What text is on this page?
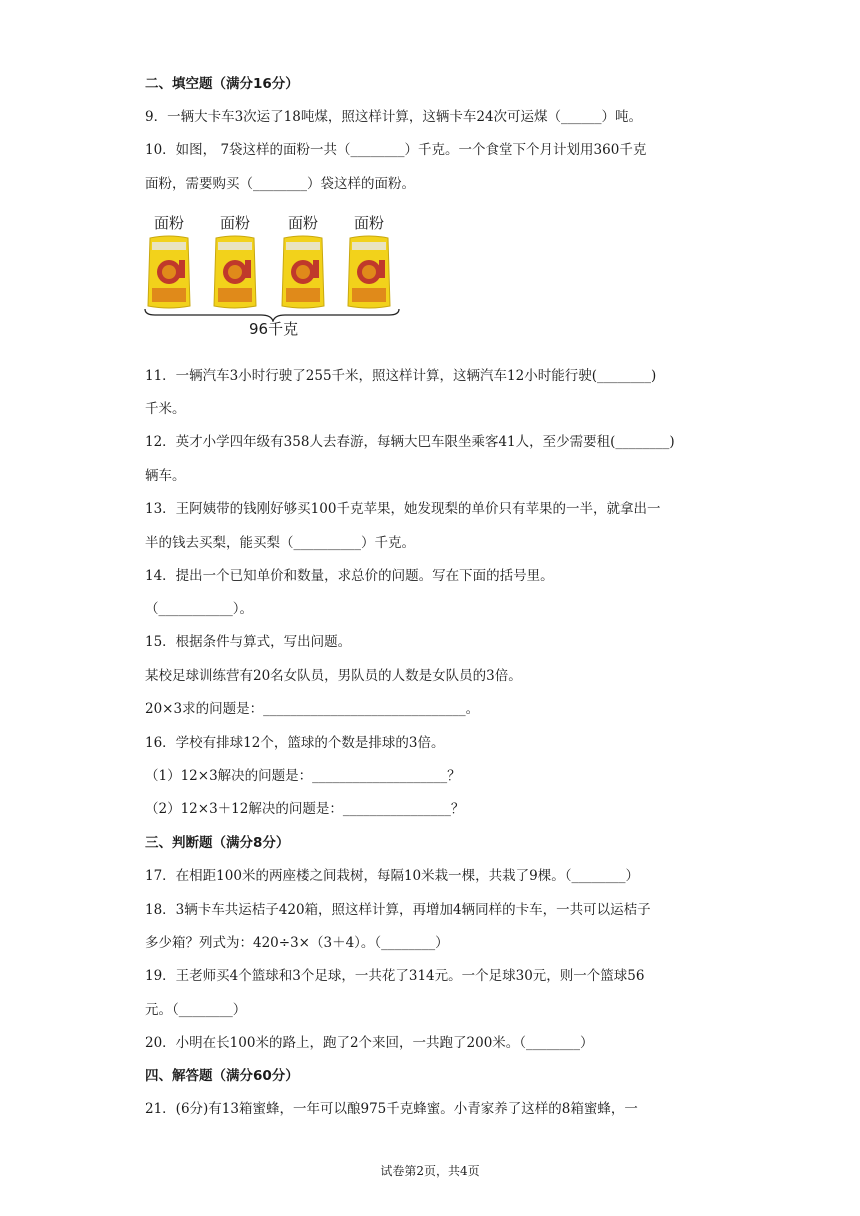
二、填空题（满分16分）
9．一辆大卡车3次运了18吨煤，照这样计算，这辆卡车24次可运煤（______）吨。
10．如图， 7袋这样的面粉一共（________）千克。一个食堂下个月计划用360千克
面粉，需要购买（________）袋这样的面粉。
面粉	面粉	面粉	面粉
96千克
11．一辆汽车3小时行驶了255千米，照这样计算，这辆汽车12小时能行驶(________)
千米。
12．英才小学四年级有358人去春游，每辆大巴车限坐乘客41人，至少需要租(________)
辆车。
13．王阿姨带的钱刚好够买100千克苹果，她发现梨的单价只有苹果的一半，就拿出一
半的钱去买梨，能买梨（__________）千克。
14．提出一个已知单价和数量，求总价的问题。写在下面的括号里。
（___________）。
15．根据条件与算式，写出问题。
某校足球训练营有20名女队员，男队员的人数是女队员的3倍。
20×3求的问题是：______________________________。
16．学校有排球12个，篮球的个数是排球的3倍。
（1）12×3解决的问题是：____________________？
（2）12×3＋12解决的问题是：________________？
三、判断题（满分8分）
17．在相距100米的两座楼之间栽树，每隔10米栽一棵，共栽了9棵。（________）
18．3辆卡车共运桔子420箱，照这样计算，再增加4辆同样的卡车，一共可以运桔子
多少箱？列式为：420÷3×（3＋4）。（________）
19．王老师买4个篮球和3个足球，一共花了314元。一个足球30元，则一个篮球56
元。（________）
20．小明在长100米的路上，跑了2个来回，一共跑了200米。（________）
四、解答题（满分60分）
21．(6分)有13箱蜜蜂，一年可以酿975千克蜂蜜。小青家养了这样的8箱蜜蜂，一
试卷第2页，共4页
